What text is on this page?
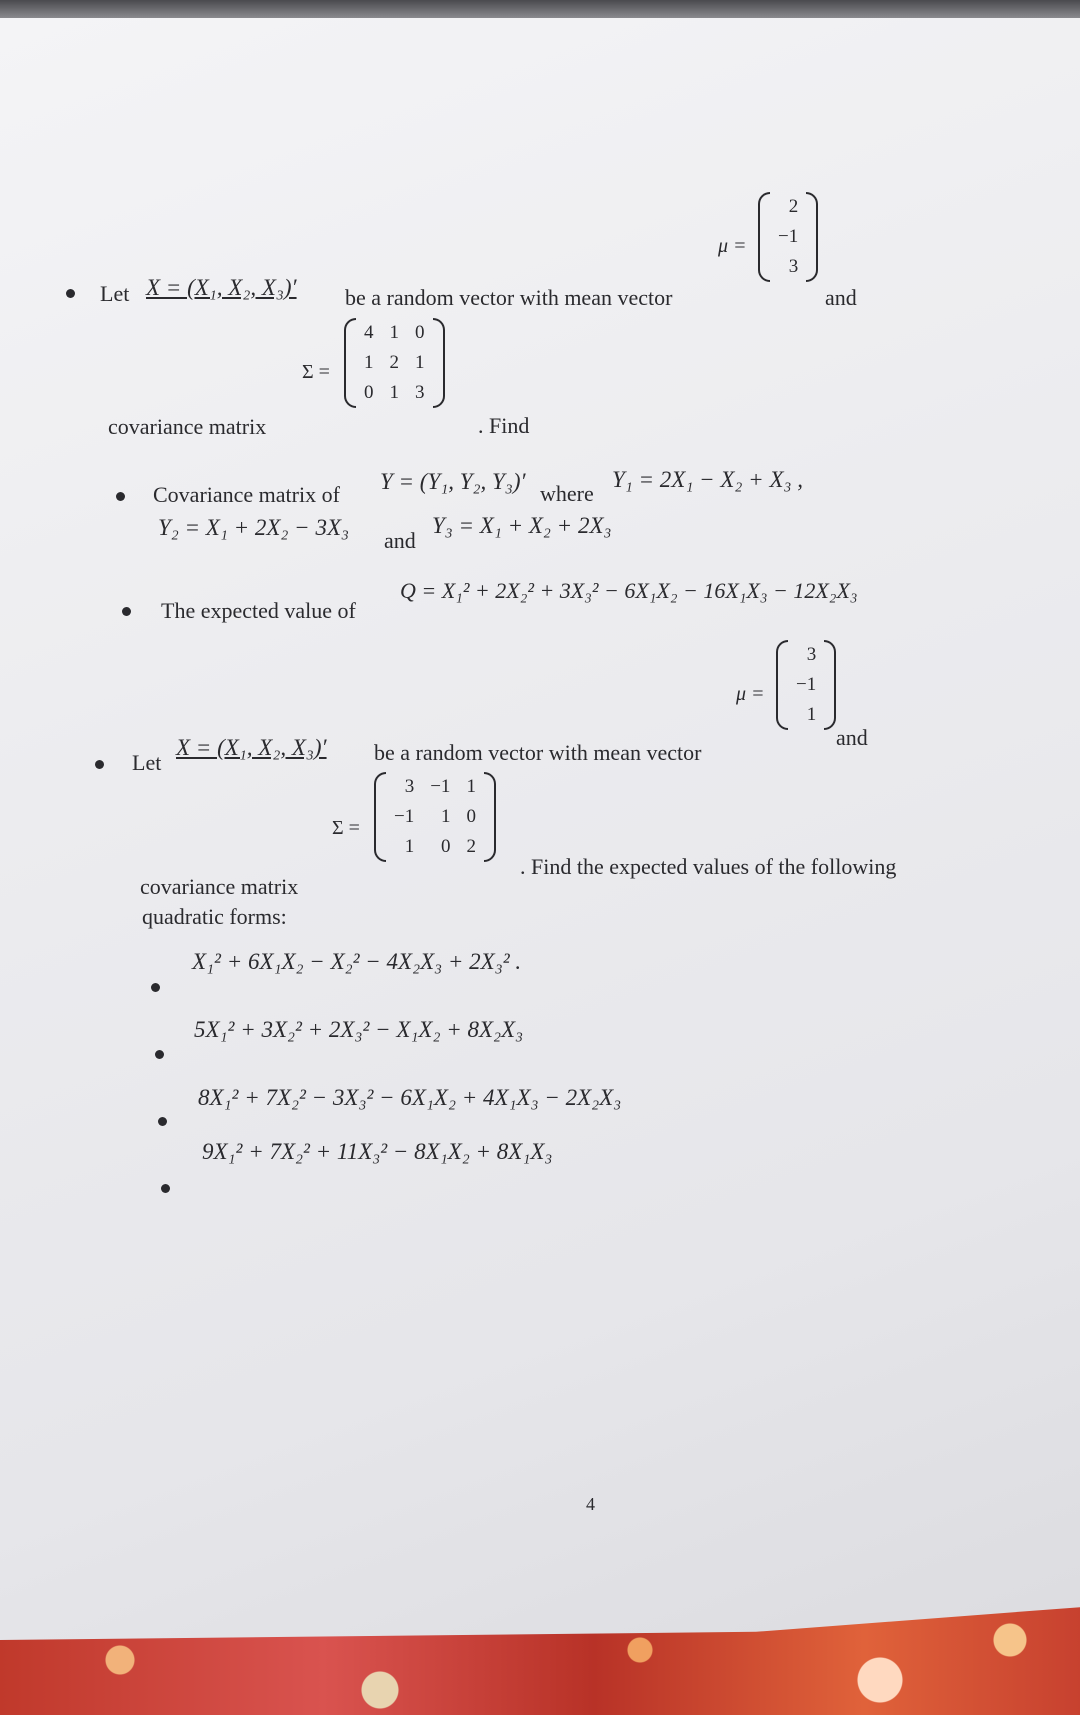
Let X = (X₁, X₂, X₃)′ be a random vector with mean vector
μ =
2
−1
3
and
covariance matrix
Σ =
4	1	0
1	2	1
0	1	3
. Find
Covariance matrix of
Y = (Y₁, Y₂, Y₃)′ where
Y₁ = 2X₁ − X₂ + X₃ ,
Y₂ = X₁ + 2X₂ − 3X₃
and
Y₃ = X₁ + X₂ + 2X₃
The expected value of
Q = X₁² + 2X₂² + 3X₃² − 6X₁X₂ − 16X₁X₃ − 12X₂X₃
μ =
3
−1
1
and
Let
X = (X₁, X₂, X₃)′ be a random vector with mean vector
Σ =
3	−1	1
−1	1	0
1	0	2
. Find the expected values of the following
covariance matrix
quadratic forms:
X₁² + 6X₁X₂ − X₂² − 4X₂X₃ + 2X₃² .
5X₁² + 3X₂² + 2X₃² − X₁X₂ + 8X₂X₃
8X₁² + 7X₂² − 3X₃² − 6X₁X₂ + 4X₁X₃ − 2X₂X₃
9X₁² + 7X₂² + 11X₃² − 8X₁X₂ + 8X₁X₃
4
